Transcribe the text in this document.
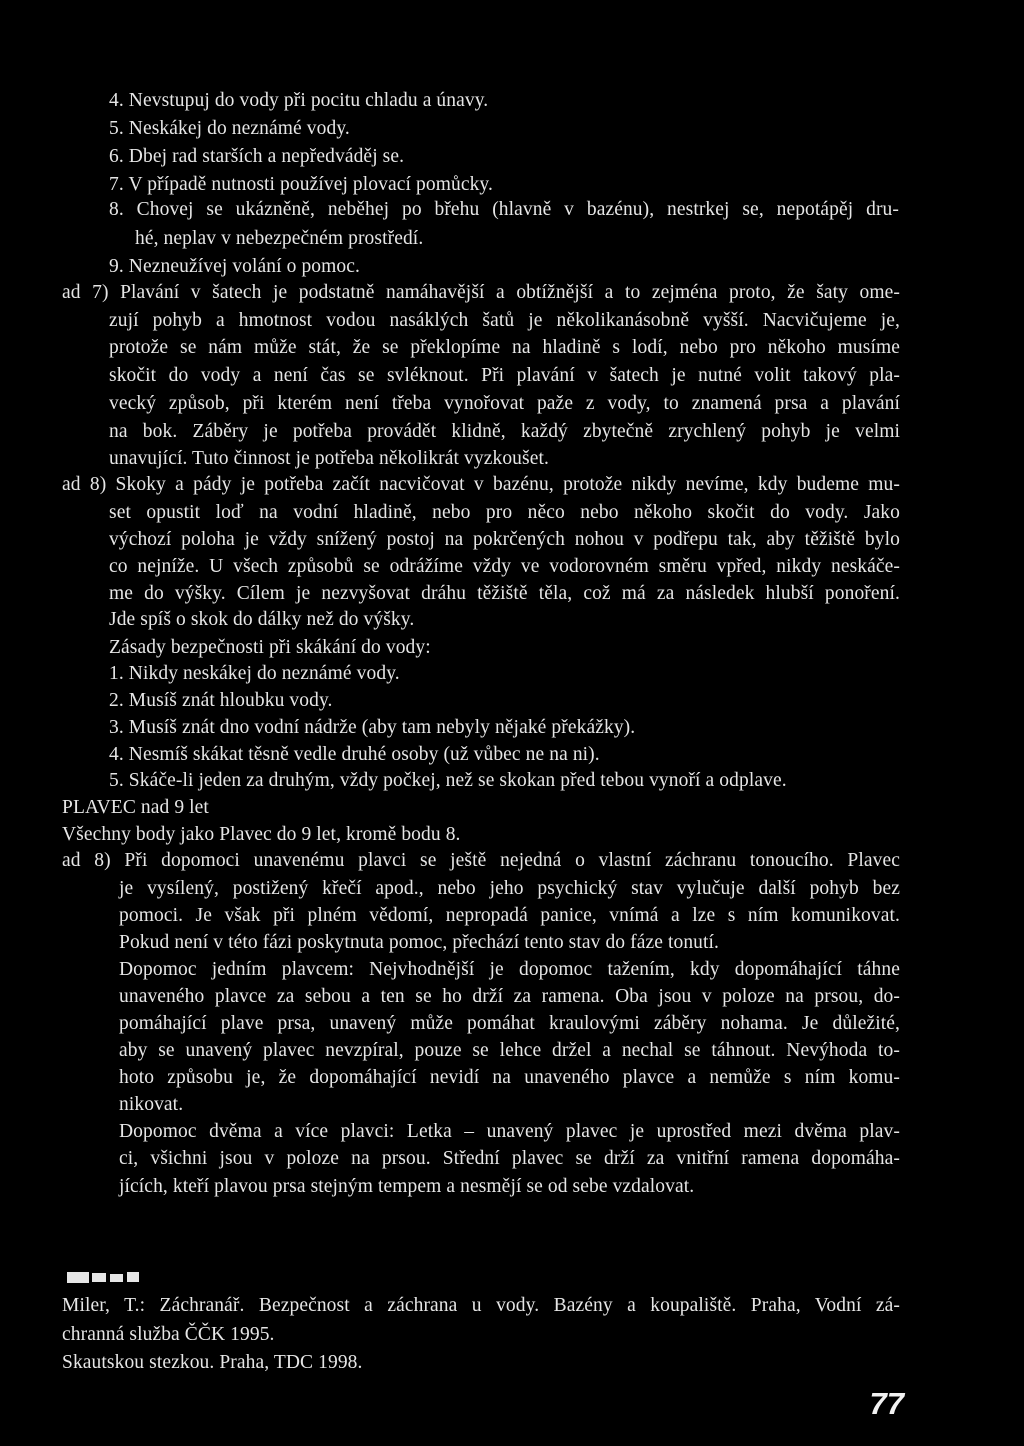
4. Nevstupuj do vody při pocitu chladu a únavy.
5. Neskákej do neznámé vody.
6. Dbej rad starších a nepředváděj se.
7. V případě nutnosti používej plovací pomůcky.
8. Chovej se ukázněně, neběhej po břehu (hlavně v bazénu), nestrkej se, nepotápěj dru-
hé, neplav v nebezpečném prostředí.
9. Nezneužívej volání o pomoc.
ad 7) Plavání v šatech je podstatně namáhavější a obtížnější a to zejména proto, že šaty ome-
zují pohyb a hmotnost vodou nasáklých šatů je několikanásobně vyšší. Nacvičujeme je,
protože se nám může stát, že se překlopíme na hladině s lodí, nebo pro někoho musíme
skočit do vody a není čas se svléknout. Při plavání v šatech je nutné volit takový pla-
vecký způsob, při kterém není třeba vynořovat paže z vody, to znamená prsa a plavání
na bok. Záběry je potřeba provádět klidně, každý zbytečně zrychlený pohyb je velmi
unavující. Tuto činnost je potřeba několikrát vyzkoušet.
ad 8) Skoky a pády je potřeba začít nacvičovat v bazénu, protože nikdy nevíme, kdy budeme mu-
set opustit loď na vodní hladině, nebo pro něco nebo někoho skočit do vody. Jako
výchozí poloha je vždy snížený postoj na pokrčených nohou v podřepu tak, aby těžiště bylo
co nejníže. U všech způsobů se odrážíme vždy ve vodorovném směru vpřed, nikdy neskáče-
me do výšky. Cílem je nezvyšovat dráhu těžiště těla, což má za následek hlubší ponoření.
Jde spíš o skok do dálky než do výšky.
Zásady bezpečnosti při skákání do vody:
1. Nikdy neskákej do neznámé vody.
2. Musíš znát hloubku vody.
3. Musíš znát dno vodní nádrže (aby tam nebyly nějaké překážky).
4. Nesmíš skákat těsně vedle druhé osoby (už vůbec ne na ni).
5. Skáče-li jeden za druhým, vždy počkej, než se skokan před tebou vynoří a odplave.
PLAVEC nad 9 let
Všechny body jako Plavec do 9 let, kromě bodu 8.
ad 8) Při dopomoci unavenému plavci se ještě nejedná o vlastní záchranu tonoucího. Plavec
je vysílený, postižený křečí apod., nebo jeho psychický stav vylučuje další pohyb bez
pomoci. Je však při plném vědomí, nepropadá panice, vnímá a lze s ním komunikovat.
Pokud není v této fázi poskytnuta pomoc, přechází tento stav do fáze tonutí.
Dopomoc jedním plavcem: Nejvhodnější je dopomoc tažením, kdy dopomáhající táhne
unaveného plavce za sebou a ten se ho drží za ramena. Oba jsou v poloze na prsou, do-
pomáhající plave prsa, unavený může pomáhat kraulovými záběry nohama. Je důležité,
aby se unavený plavec nevzpíral, pouze se lehce držel a nechal se táhnout. Nevýhoda to-
hoto způsobu je, že dopomáhající nevidí na unaveného plavce a nemůže s ním komu-
nikovat.
Dopomoc dvěma a více plavci: Letka – unavený plavec je uprostřed mezi dvěma plav-
ci, všichni jsou v poloze na prsou. Střední plavec se drží za vnitřní ramena dopomáha-
jících, kteří plavou prsa stejným tempem a nesmějí se od sebe vzdalovat.
Miler, T.: Záchranář. Bezpečnost a záchrana u vody. Bazény a koupaliště. Praha, Vodní zá-
chranná služba ČČK 1995.
Skautskou stezkou. Praha, TDC 1998.
77
